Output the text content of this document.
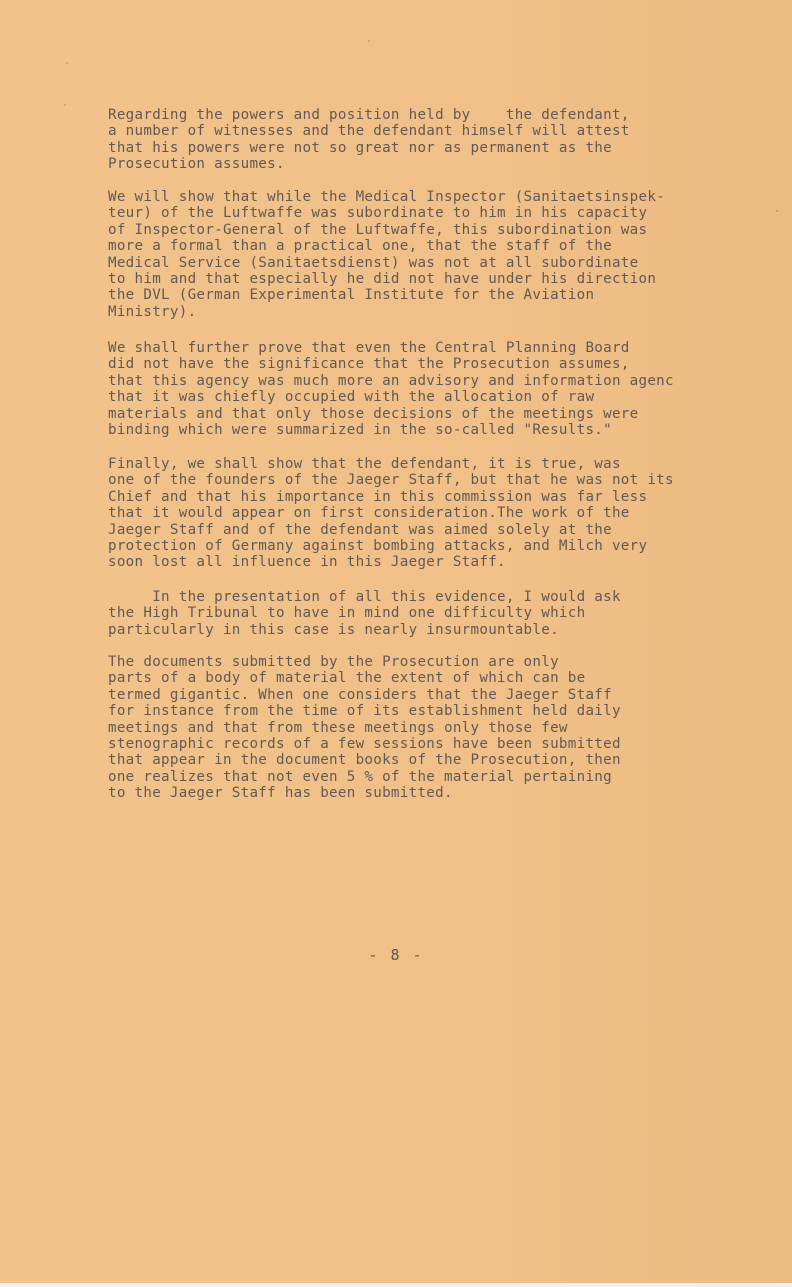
Regarding the powers and position held by    the defendant,
a number of witnesses and the defendant himself will attest
that his powers were not so great nor as permanent as the
Prosecution assumes.

We will show that while the Medical Inspector (Sanitaetsinspek-
teur) of the Luftwaffe was subordinate to him in his capacity
of Inspector-General of the Luftwaffe, this subordination was
more a formal than a practical one, that the staff of the
Medical Service (Sanitaetsdienst) was not at all subordinate
to him and that especially he did not have under his direction
the DVL (German Experimental Institute for the Aviation
Ministry).

We shall further prove that even the Central Planning Board
did not have the significance that the Prosecution assumes,
that this agency was much more an advisory and information agenc
that it was chiefly occupied with the allocation of raw
materials and that only those decisions of the meetings were
binding which were summarized in the so-called "Results."

Finally, we shall show that the defendant, it is true, was
one of the founders of the Jaeger Staff, but that he was not its
Chief and that his importance in this commission was far less
that it would appear on first consideration.The work of the
Jaeger Staff and of the defendant was aimed solely at the
protection of Germany against bombing attacks, and Milch very
soon lost all influence in this Jaeger Staff.

In the presentation of all this evidence, I would ask
the High Tribunal to have in mind one difficulty which
particularly in this case is nearly insurmountable.

The documents submitted by the Prosecution are only
parts of a body of material the extent of which can be
termed gigantic. When one considers that the Jaeger Staff
for instance from the time of its establishment held daily
meetings and that from these meetings only those few
stenographic records of a few sessions have been submitted
that appear in the document books of the Prosecution, then
one realizes that not even 5 % of the material pertaining
to the Jaeger Staff has been submitted.

- 8 -
